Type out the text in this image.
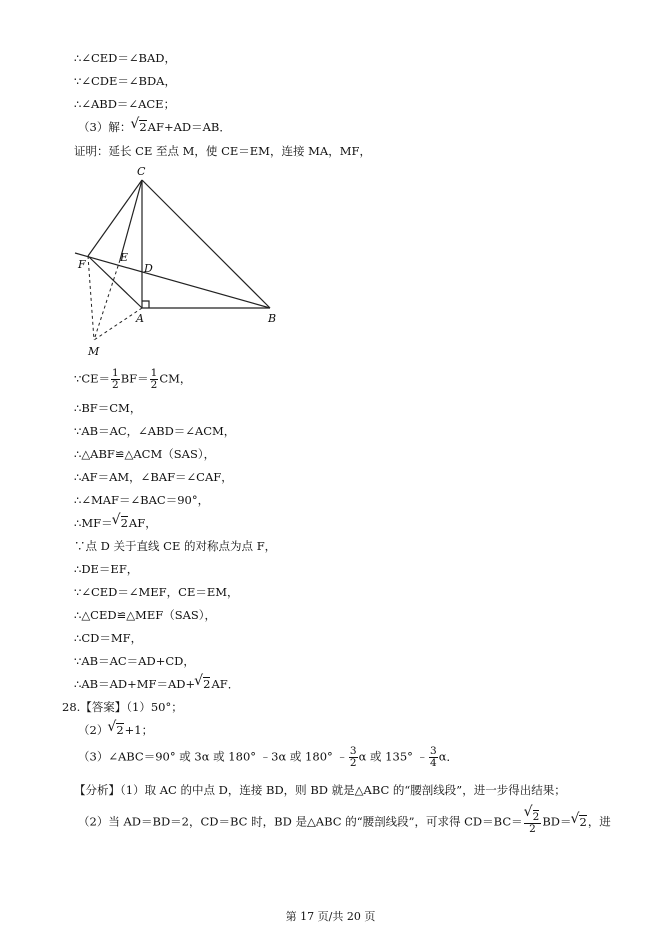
∴∠CED＝∠BAD，
∵∠CDE＝∠BDA，
∴∠ABD＝∠ACE；
（3）解：√ 2AF+AD＝AB．
证明：延长 CE 至点 M，使 CE＝EM，连接 MA，MF，
C
F
E
D
A	B
M
∵CE＝ $\frac{1}{2} BF= \frac{1}{2}$ CM，
∴BF＝CM，
∵AB＝AC，∠ABD＝∠ACM，
∴△ABF≌△ACM（SAS），
∴AF＝AM，∠BAF＝∠CAF，
∴∠MAF＝∠BAC＝90°，
∴MF＝√ 2AF，
∵点 D 关于直线 CE 的对称点为点 F，
∴DE＝EF，
∵∠CED＝∠MEF，CE＝EM，
∴△CED≌△MEF（SAS），
∴CD＝MF，
∵AB＝AC＝AD+CD，
∴AB＝AD+MF＝AD+√ 2AF．
28.【答案】（1）50°；
（2）√ 2+1；
（3）∠ABC＝90° 或 3α 或 180° ﹣3α 或 180° ﹣ $\frac{3}{2}$ α 或 135° ﹣ $\frac{3}{4}$ α．
【分析】（1）取 AC 的中点 D，连接 BD，则 BD 就是△ABC 的“腰剖线段”，进一步得出结果；
（2）当 AD＝BD＝2，CD＝BC 时，BD 是△ABC 的“腰剖线段”，可求得 CD＝BC＝
√ $\frac{2}{2} BD=√$ 2，进
第 17 页/共 20 页
